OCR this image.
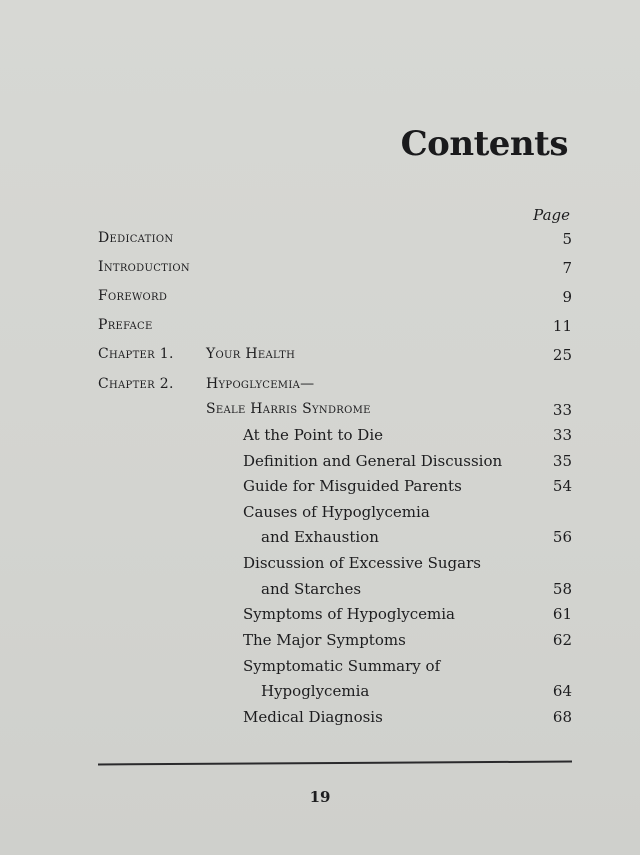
Contents
Page
Dedication	5
Introduction	7
Foreword	9
Preface	11
Chapter 1. Your Health	25
Chapter 2. Hypoglycemia—
Seale Harris Syndrome	33
At the Point to Die	33
Definition and General Discussion	35
Guide for Misguided Parents	54
Causes of Hypoglycemia
and Exhaustion	56
Discussion of Excessive Sugars
and Starches	58
Symptoms of Hypoglycemia	61
The Major Symptoms	62
Symptomatic Summary of
Hypoglycemia	64
Medical Diagnosis	68
19
